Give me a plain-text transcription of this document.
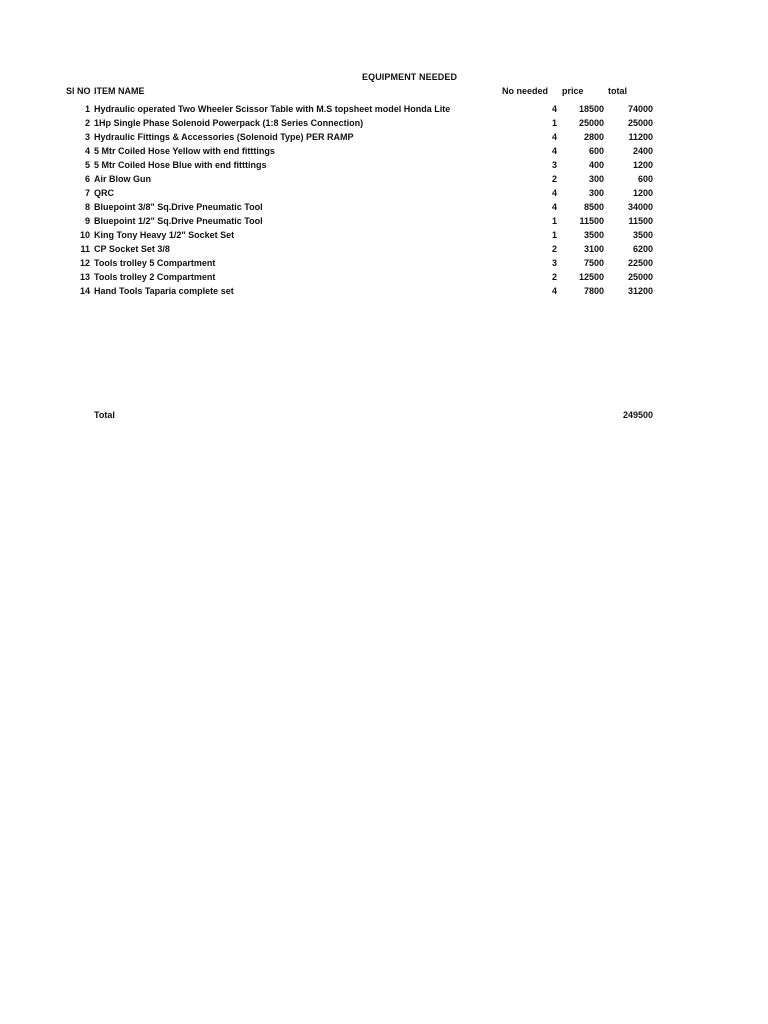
EQUIPMENT NEEDED
Sl NO ITEM NAME	No needed price	total
1 Hydraulic operated Two Wheeler Scissor Table with M.S topsheet model Honda Lite	4	18500	74000
2 1Hp Single Phase Solenoid Powerpack (1:8 Series Connection)	1	25000	25000
3 Hydraulic Fittings & Accessories (Solenoid Type) PER RAMP	4	2800	11200
4 5 Mtr Coiled Hose Yellow with end fitttings	4	600	2400
5 5 Mtr Coiled Hose Blue with end fitttings	3	400	1200
6 Air Blow Gun	2	300	600
7 QRC	4	300	1200
8 Bluepoint 3/8" Sq.Drive Pneumatic Tool	4	8500	34000
9 Bluepoint 1/2" Sq.Drive Pneumatic Tool	1	11500	11500
10 King Tony Heavy 1/2" Socket Set	1	3500	3500
11 CP Socket Set 3/8	2	3100	6200
12 Tools trolley 5 Compartment	3	7500	22500
13 Tools trolley 2 Compartment	2	12500	25000
14 Hand Tools Taparia complete set	4	7800	31200
Total	249500
